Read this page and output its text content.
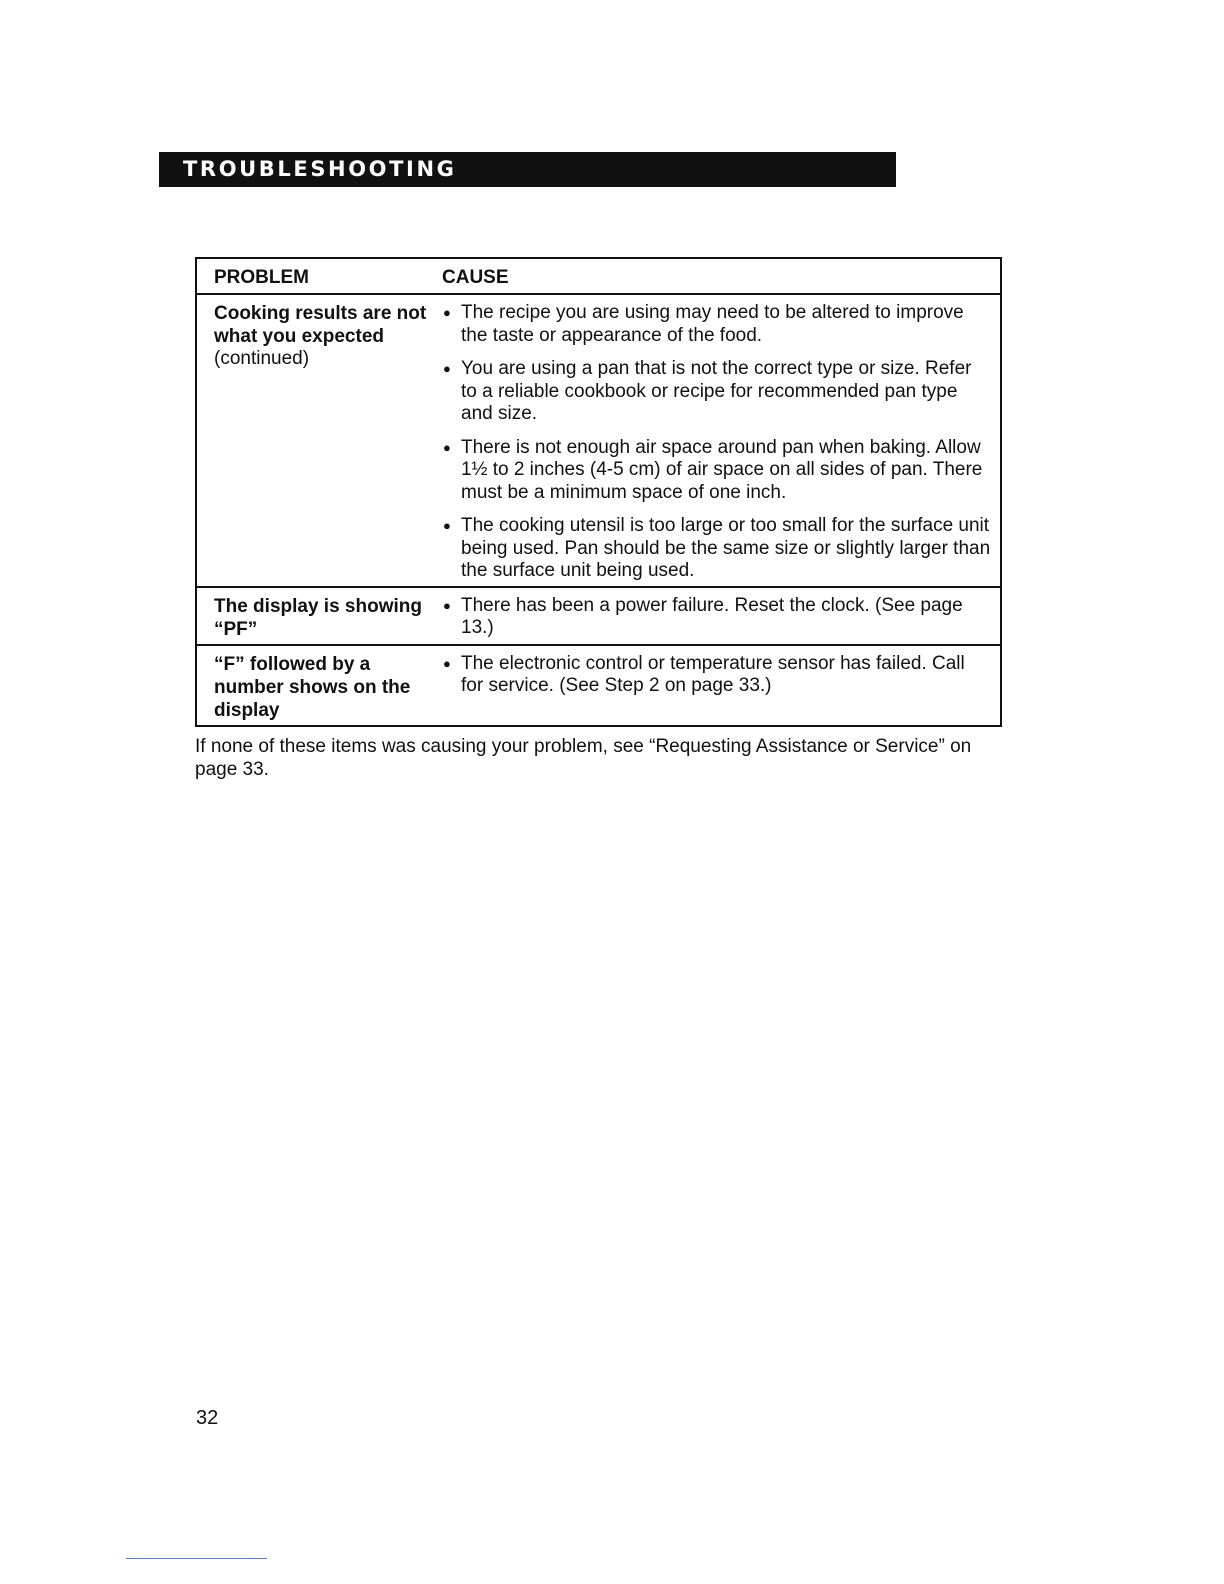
TROUBLESHOOTING
PROBLEM	CAUSE
Cooking results are not what you expected
(continued)
● The recipe you are using may need to be altered to improve the taste or appearance of the food.
● You are using a pan that is not the correct type or size. Refer to a reliable cookbook or recipe for recommended pan type and size.
● There is not enough air space around pan when baking. Allow 1½ to 2 inches (4-5 cm) of air space on all sides of pan. There must be a minimum space of one inch.
● The cooking utensil is too large or too small for the surface unit being used. Pan should be the same size or slightly larger than the surface unit being used.
The display is showing “PF”
● There has been a power failure. Reset the clock. (See page 13.)
“F” followed by a number shows on the display
● The electronic control or temperature sensor has failed. Call for service. (See Step 2 on page 33.)
If none of these items was causing your problem, see “Requesting Assistance or Service” on page 33.
32
